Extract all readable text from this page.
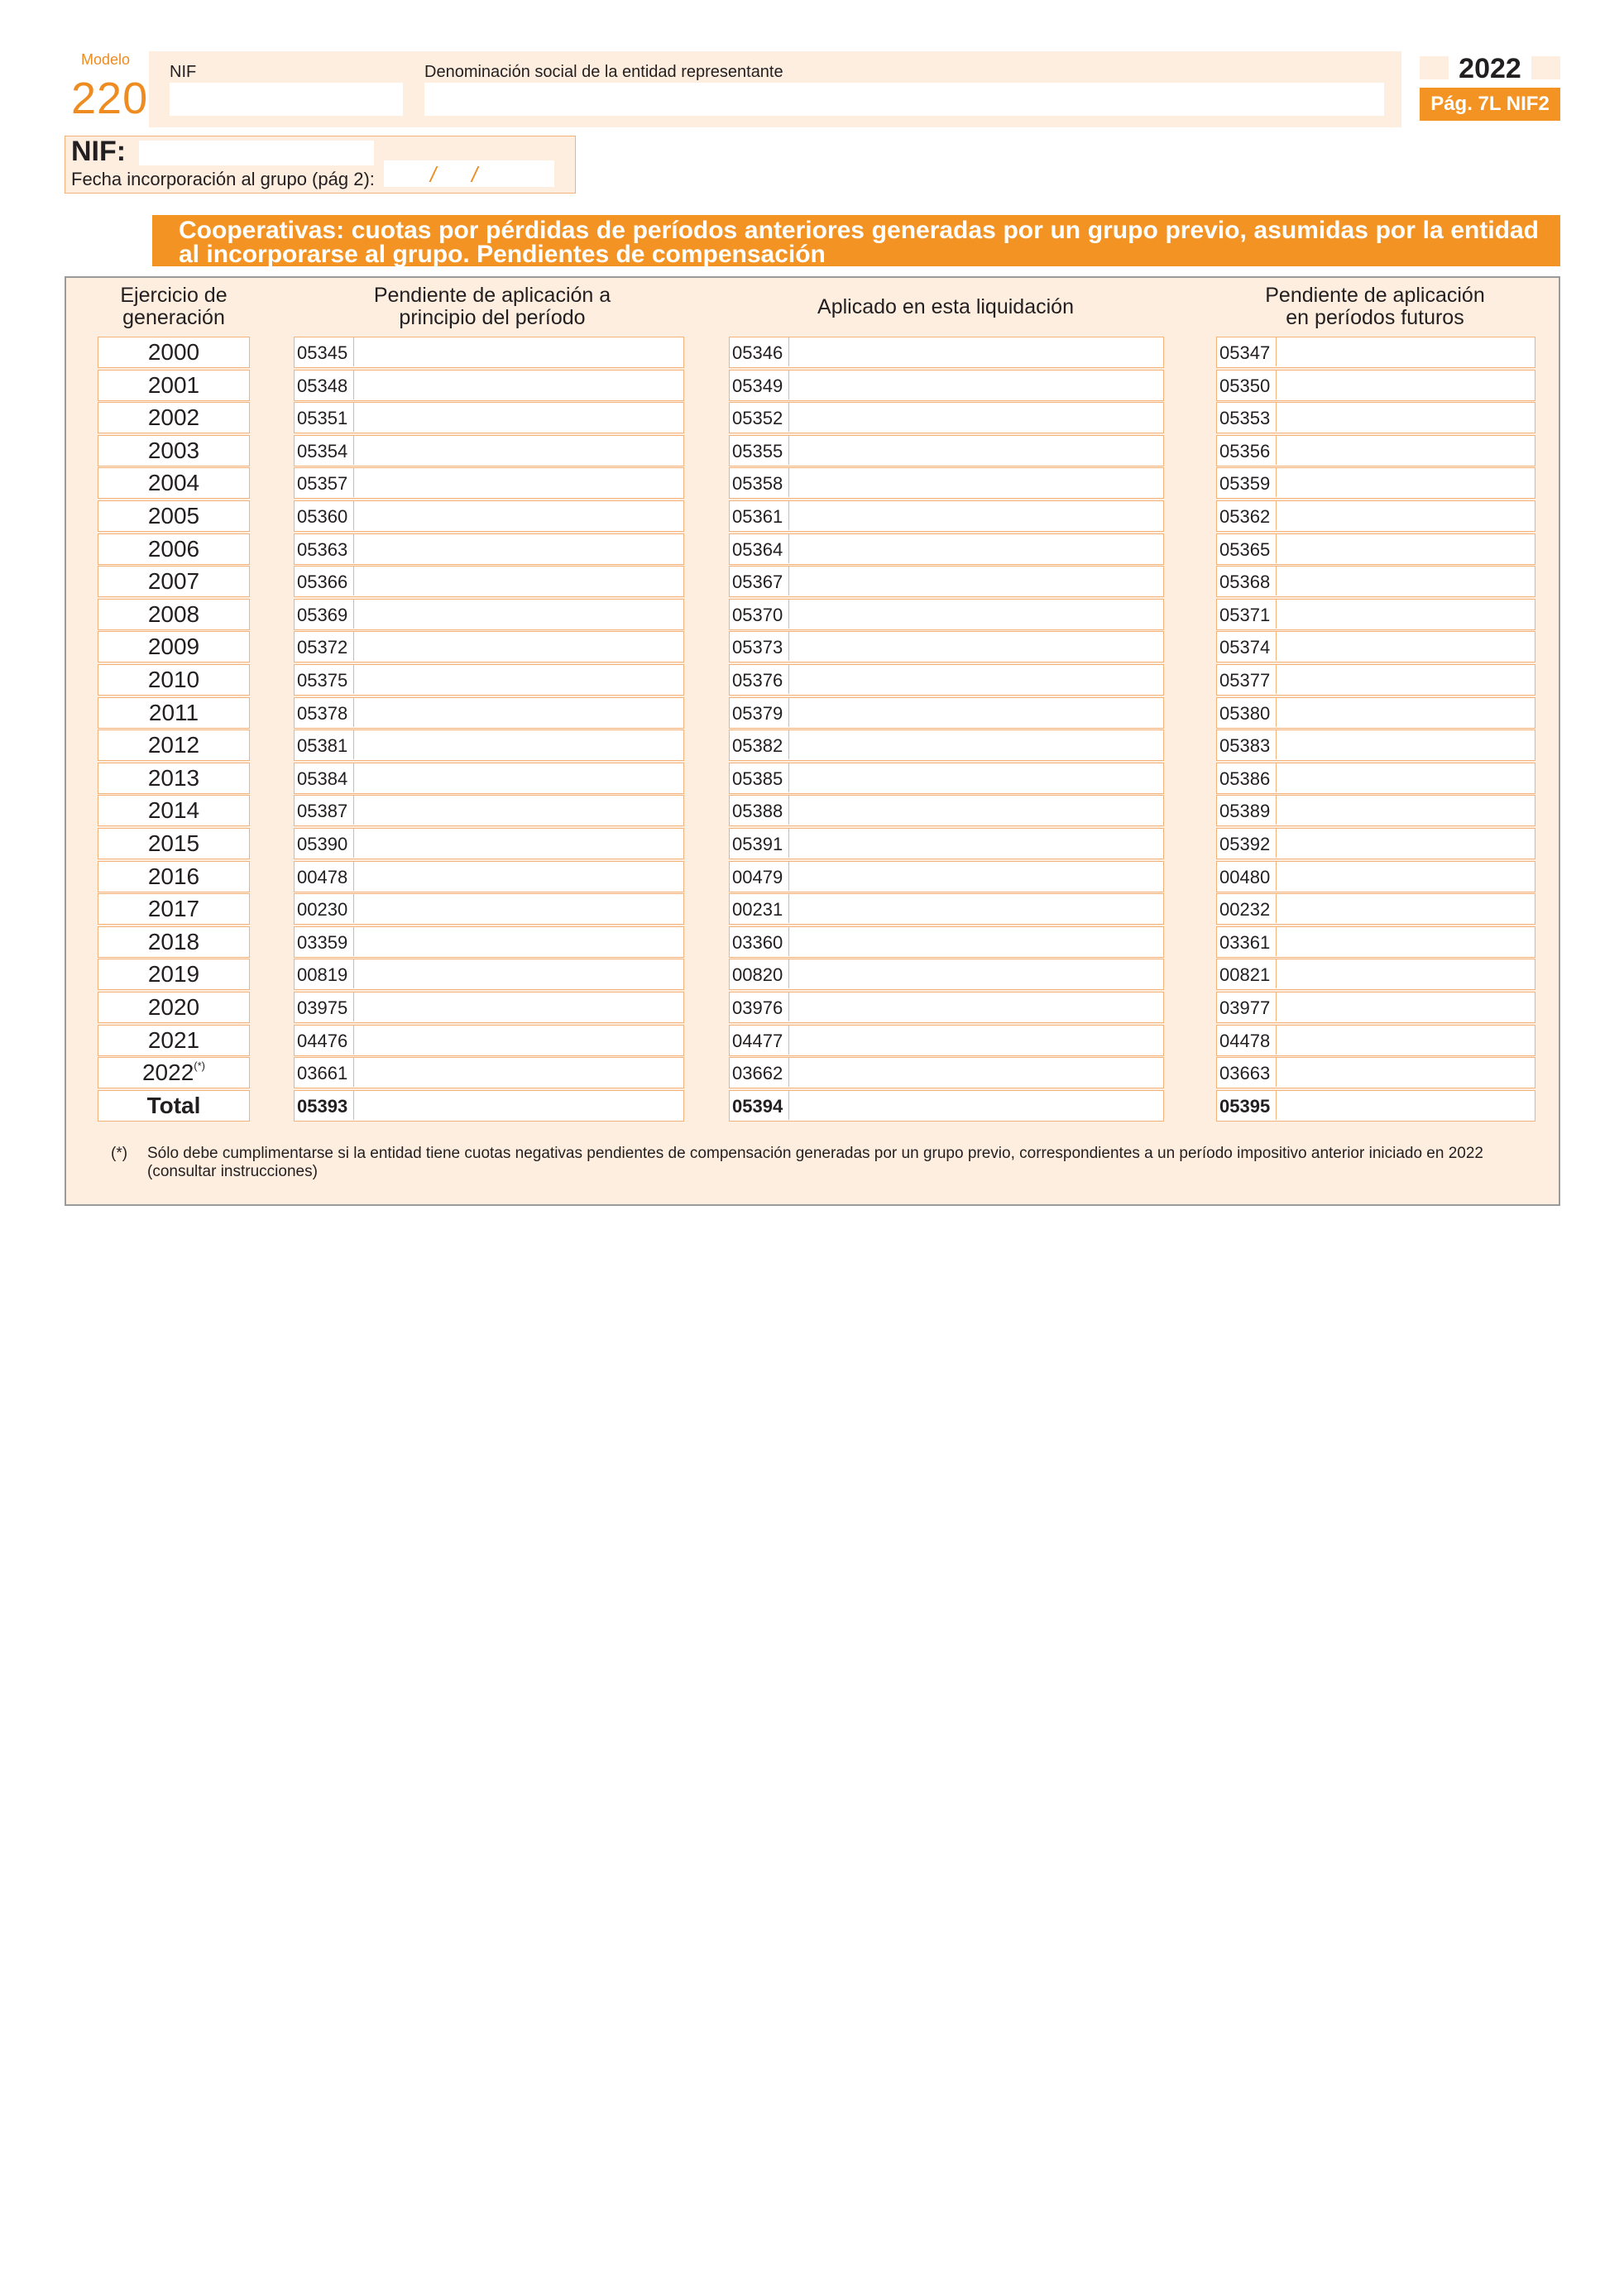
Modelo
220
NIF	Denominación social de la entidad representante	2022
Pág. 7L NIF2 bis
NIF:
Fecha incorporación al grupo (pág 2):	/ /
Cooperativas: cuotas por pérdidas de períodos anteriores generadas por un grupo previo, asumidas por la entidad al incorporarse al grupo. Pendientes de compensación
Ejercicio de generación
Pendiente de aplicación a principio del período	Aplicado en esta liquidación	Pendiente de aplicación en períodos futuros
2000	05345	05346	05347
2001	05348	05349	05350
2002	05351	05352	05353
2003	05354	05355	05356
2004	05357	05358	05359
2005	05360	05361	05362
2006	05363	05364	05365
2007	05366	05367	05368
2008	05369	05370	05371
2009	05372	05373	05374
2010	05375	05376	05377
2011	05378	05379	05380
2012	05381	05382	05383
2013	05384	05385	05386
2014	05387	05388	05389
2015	05390	05391	05392
2016	00478	00479	00480
2017	00230	00231	00232
2018	03359	03360	03361
2019	00819	00820	00821
2020	03975	03976	03977
2021	04476	04477	04478
2022(*)	03661	03662	03663
Total	05393	05394	05395
(*) Sólo debe cumplimentarse si la entidad tiene cuotas negativas pendientes de compensación generadas por un grupo previo, correspondientes a un período impositivo anterior iniciado en 2022 (consultar instrucciones)
